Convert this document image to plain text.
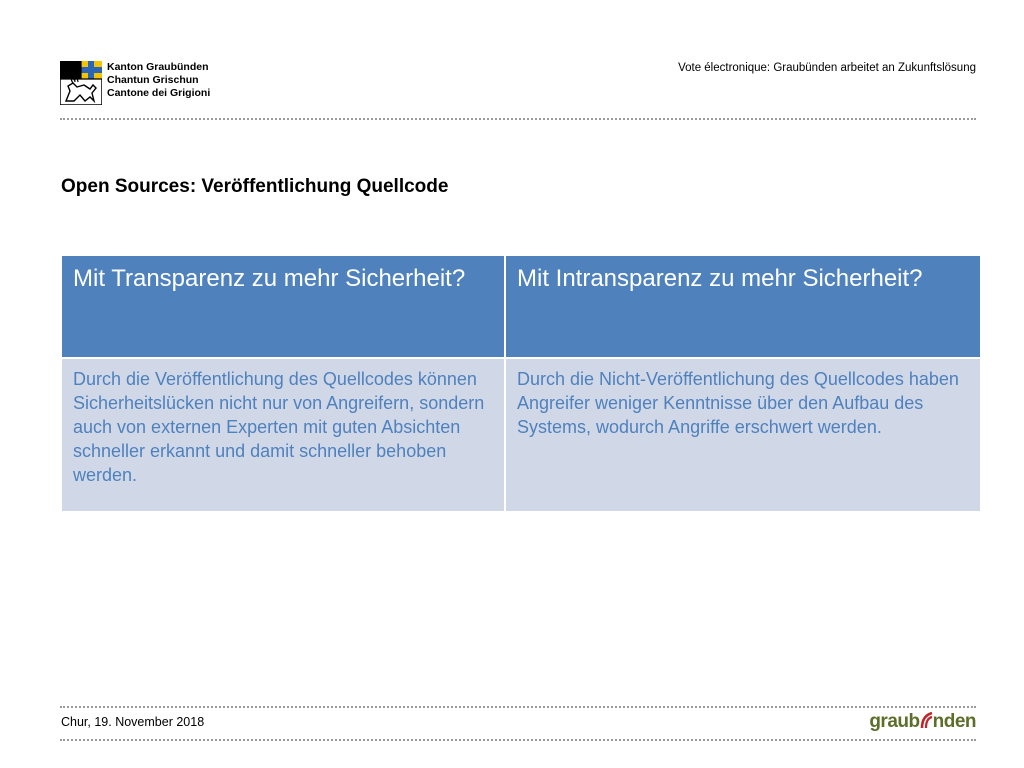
Kanton Graubünden
Chantun Grischun
Cantone dei Grigioni
Vote électronique: Graubünden arbeitet an Zukunftslösung
Open Sources: Veröffentlichung Quellcode
Mit Transparenz zu mehr Sicherheit?	Mit Intransparenz zu mehr Sicherheit?
Durch die Veröffentlichung des Quellcodes können Sicherheitslücken nicht nur von Angreifern, sondern auch von externen Experten mit guten Absichten schneller erkannt und damit schneller behoben werden.	Durch die Nicht-Veröffentlichung des Quellcodes haben Angreifer weniger Kenntnisse über den Aufbau des Systems, wodurch Angriffe erschwert werden.
Chur, 19. November 2018	graub nden
